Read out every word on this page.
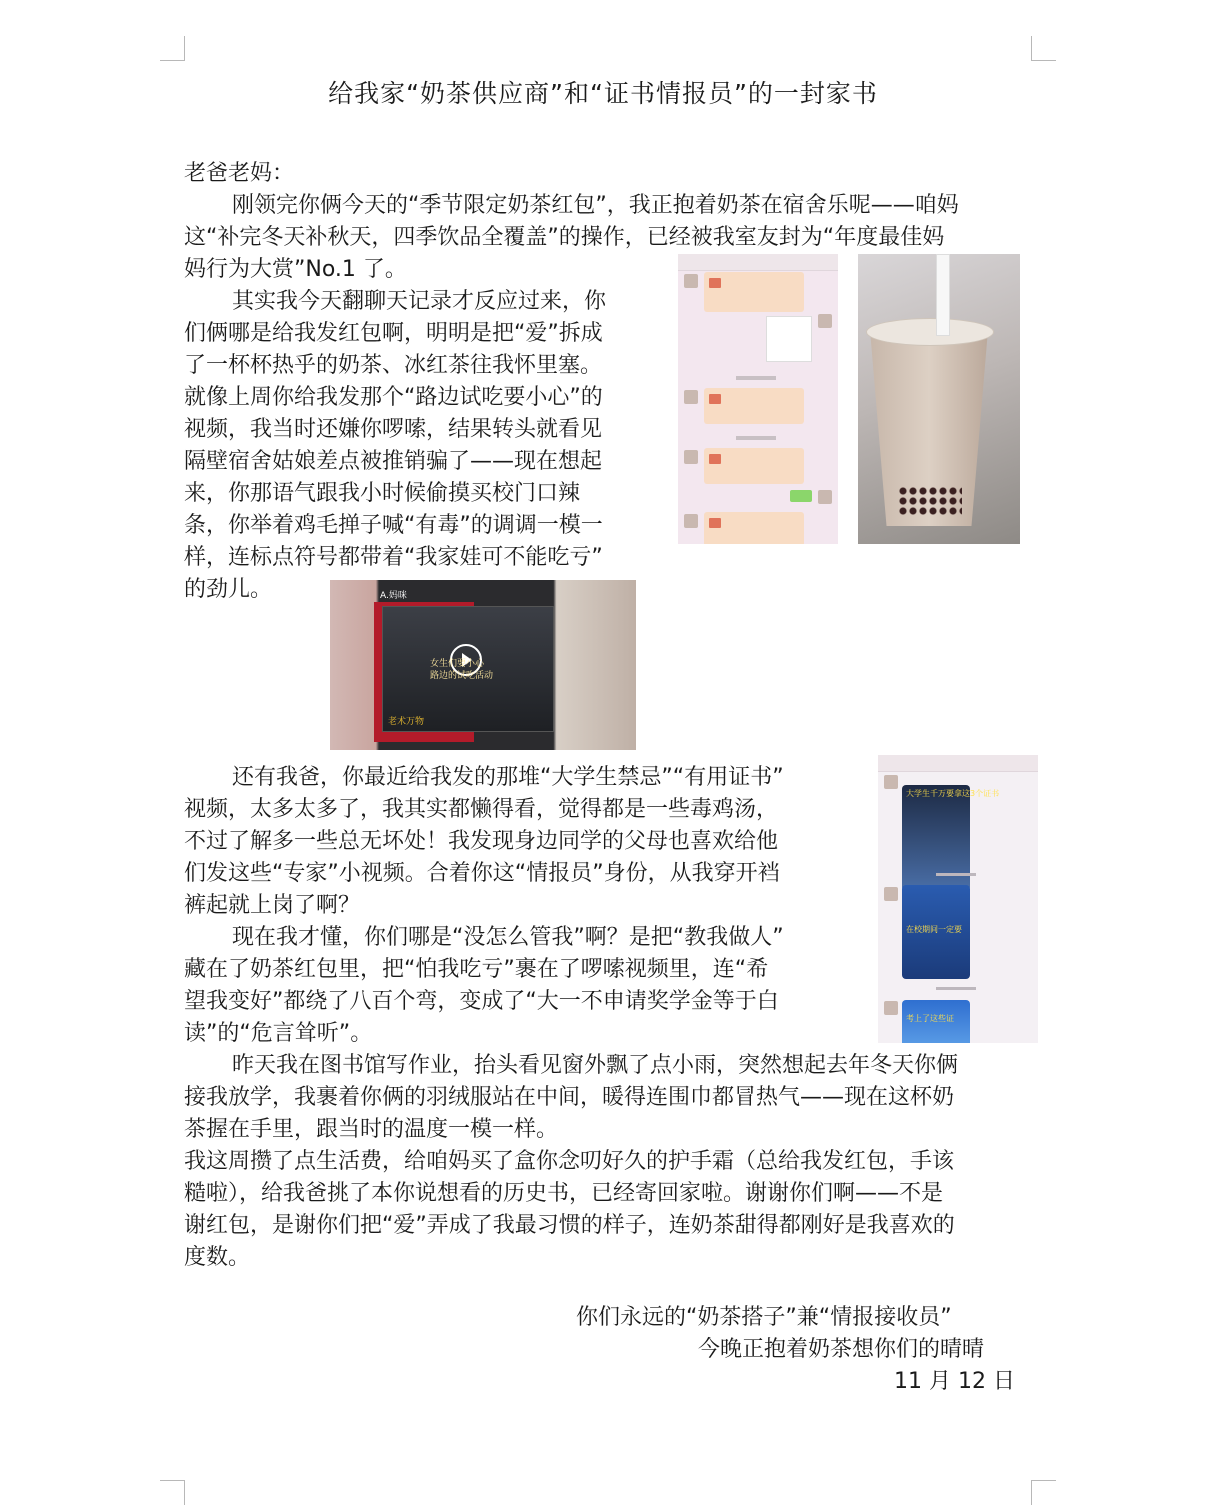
给我家“奶茶供应商”和“证书情报员”的一封家书
老爸老妈：
刚领完你俩今天的“季节限定奶茶红包”，我正抱着奶茶在宿舍乐呢——咱妈
这“补完冬天补秋天，四季饮品全覆盖”的操作，已经被我室友封为“年度最佳妈
妈行为大赏”No.1 了。
其实我今天翻聊天记录才反应过来，你
们俩哪是给我发红包啊，明明是把“爱”拆成
了一杯杯热乎的奶茶、冰红茶往我怀里塞。
就像上周你给我发那个“路边试吃要小心”的
视频，我当时还嫌你啰嗦，结果转头就看见
隔壁宿舍姑娘差点被推销骗了——现在想起
来，你那语气跟我小时候偷摸买校门口辣
条，你举着鸡毛掸子喊“有毒”的调调一模一
样，连标点符号都带着“我家娃可不能吃亏”
的劲儿。	A.妈咪
女生们要小心
路边的试吃活动
老术万物
还有我爸，你最近给我发的那堆“大学生禁忌”“有用证书”
视频，太多太多了，我其实都懒得看，觉得都是一些毒鸡汤，
不过了解多一些总无坏处！我发现身边同学的父母也喜欢给他
们发这些“专家”小视频。合着你这“情报员”身份，从我穿开裆
裤起就上岗了啊？
现在我才懂，你们哪是“没怎么管我”啊？是把“教我做人”
藏在了奶茶红包里，把“怕我吃亏”裹在了啰嗦视频里，连“希
望我变好”都绕了八百个弯，变成了“大一不申请奖学金等于白
读”的“危言耸听”。
大学生千万要拿这3个证书
在校期间一定要
考上了这些证
昨天我在图书馆写作业，抬头看见窗外飘了点小雨，突然想起去年冬天你俩
接我放学，我裹着你俩的羽绒服站在中间，暖得连围巾都冒热气——现在这杯奶
茶握在手里，跟当时的温度一模一样。
我这周攒了点生活费，给咱妈买了盒你念叨好久的护手霜（总给我发红包，手该
糙啦），给我爸挑了本你说想看的历史书，已经寄回家啦。谢谢你们啊——不是
谢红包，是谢你们把“爱”弄成了我最习惯的样子，连奶茶甜得都刚好是我喜欢的
度数。
你们永远的“奶茶搭子”兼“情报接收员”
今晚正抱着奶茶想你们的晴晴
11 月 12 日
